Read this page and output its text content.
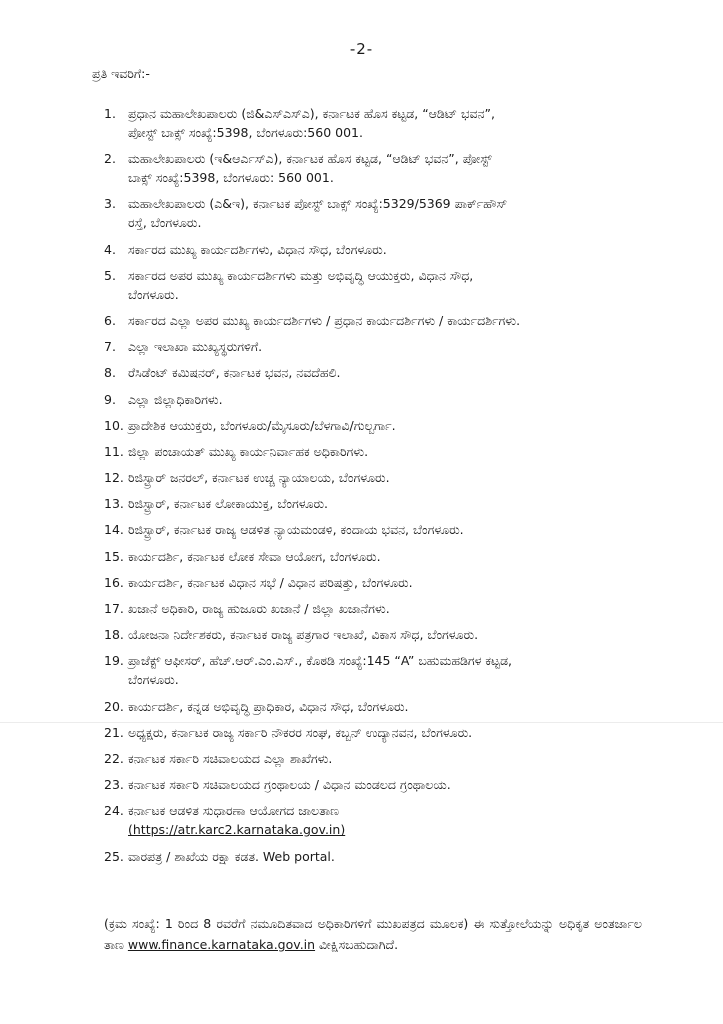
-2-
ಪ್ರತಿ ಇವರಿಗೆ:-
1. ಪ್ರಧಾನ ಮಹಾಲೇಖಪಾಲರು (ಜಿ&ಎಸ್ಎಸ್ಎ), ಕರ್ನಾಟಕ ಹೊಸ ಕಟ್ಟಡ, “ಆಡಿಟ್ ಭವನ”,
ಪೋಸ್ಟ್ ಬಾಕ್ಸ್ ಸಂಖ್ಯೆ:5398, ಬೆಂಗಳೂರು:560 001.
2. ಮಹಾಲೇಖಪಾಲರು (ಇ&ಆರ್ಎಸ್ಎ), ಕರ್ನಾಟಕ ಹೊಸ ಕಟ್ಟಡ, “ಆಡಿಟ್ ಭವನ”, ಪೋಸ್ಟ್
ಬಾಕ್ಸ್ ಸಂಖ್ಯೆ:5398, ಬೆಂಗಳೂರು: 560 001.
3. ಮಹಾಲೇಖಪಾಲರು (ಎ&ಇ), ಕರ್ನಾಟಕ ಪೋಸ್ಟ್ ಬಾಕ್ಸ್ ಸಂಖ್ಯೆ:5329/5369 ಪಾರ್ಕ್‌ಹೌಸ್
ರಸ್ತೆ, ಬೆಂಗಳೂರು.
4. ಸರ್ಕಾರದ ಮುಖ್ಯ ಕಾರ್ಯದರ್ಶಿಗಳು, ವಿಧಾನ ಸೌಧ, ಬೆಂಗಳೂರು.
5. ಸರ್ಕಾರದ ಅಪರ ಮುಖ್ಯ ಕಾರ್ಯದರ್ಶಿಗಳು ಮತ್ತು ಅಭಿವೃದ್ಧಿ ಆಯುಕ್ತರು, ವಿಧಾನ ಸೌಧ,
ಬೆಂಗಳೂರು.
6. ಸರ್ಕಾರದ ಎಲ್ಲಾ ಅಪರ ಮುಖ್ಯ ಕಾರ್ಯದರ್ಶಿಗಳು / ಪ್ರಧಾನ ಕಾರ್ಯದರ್ಶಿಗಳು / ಕಾರ್ಯದರ್ಶಿಗಳು.
7. ಎಲ್ಲಾ ಇಲಾಖಾ ಮುಖ್ಯಸ್ಥರುಗಳಿಗೆ.
8. ರೆಸಿಡೆಂಟ್ ಕಮಿಷನರ್, ಕರ್ನಾಟಕ ಭವನ, ನವದೆಹಲಿ.
9. ಎಲ್ಲಾ ಜಿಲ್ಲಾಧಿಕಾರಿಗಳು.
10. ಪ್ರಾದೇಶಿಕ ಆಯುಕ್ತರು, ಬೆಂಗಳೂರು/ಮೈಸೂರು/ಬೆಳಗಾವಿ/ಗುಲ್ಬರ್ಗಾ.
11. ಜಿಲ್ಲಾ ಪಂಚಾಯತ್ ಮುಖ್ಯ ಕಾರ್ಯನಿರ್ವಾಹಕ ಅಧಿಕಾರಿಗಳು.
12. ರಿಜಿಸ್ಟ್ರಾರ್ ಜನರಲ್, ಕರ್ನಾಟಕ ಉಚ್ಚ ನ್ಯಾಯಾಲಯ, ಬೆಂಗಳೂರು.
13. ರಿಜಿಸ್ಟ್ರಾರ್, ಕರ್ನಾಟಕ ಲೋಕಾಯುಕ್ತ, ಬೆಂಗಳೂರು.
14. ರಿಜಿಸ್ಟ್ರಾರ್, ಕರ್ನಾಟಕ ರಾಜ್ಯ ಆಡಳಿತ ನ್ಯಾಯಮಂಡಳಿ, ಕಂದಾಯ ಭವನ, ಬೆಂಗಳೂರು.
15. ಕಾರ್ಯದರ್ಶಿ, ಕರ್ನಾಟಕ ಲೋಕ ಸೇವಾ ಆಯೋಗ, ಬೆಂಗಳೂರು.
16. ಕಾರ್ಯದರ್ಶಿ, ಕರ್ನಾಟಕ ವಿಧಾನ ಸಭೆ / ವಿಧಾನ ಪರಿಷತ್ತು, ಬೆಂಗಳೂರು.
17. ಖಜಾನೆ ಅಧಿಕಾರಿ, ರಾಜ್ಯ ಹುಜೂರು ಖಜಾನೆ / ಜಿಲ್ಲಾ ಖಜಾನೆಗಳು.
18. ಯೋಜನಾ ನಿರ್ದೇಶಕರು, ಕರ್ನಾಟಕ ರಾಜ್ಯ ಪತ್ರಗಾರ ಇಲಾಖೆ, ವಿಕಾಸ ಸೌಧ, ಬೆಂಗಳೂರು.
19. ಪ್ರಾಜೆಕ್ಟ್ ಆಫೀಸರ್, ಹೆಚ್.ಆರ್.ಎಂ.ಎಸ್., ಕೊಠಡಿ ಸಂಖ್ಯೆ:145 “A” ಬಹುಮಹಡಿಗಳ ಕಟ್ಟಡ,
ಬೆಂಗಳೂರು.
20. ಕಾರ್ಯದರ್ಶಿ, ಕನ್ನಡ ಅಭಿವೃದ್ಧಿ ಪ್ರಾಧಿಕಾರ, ವಿಧಾನ ಸೌಧ, ಬೆಂಗಳೂರು.
21. ಅಧ್ಯಕ್ಷರು, ಕರ್ನಾಟಕ ರಾಜ್ಯ ಸರ್ಕಾರಿ ನೌಕರರ ಸಂಘ, ಕಬ್ಬನ್ ಉದ್ಯಾನವನ, ಬೆಂಗಳೂರು.
22. ಕರ್ನಾಟಕ ಸರ್ಕಾರಿ ಸಚಿವಾಲಯದ ಎಲ್ಲಾ ಶಾಖೆಗಳು.
23. ಕರ್ನಾಟಕ ಸರ್ಕಾರಿ ಸಚಿವಾಲಯದ ಗ್ರಂಥಾಲಯ / ವಿಧಾನ ಮಂಡಲದ ಗ್ರಂಥಾಲಯ.
24. ಕರ್ನಾಟಕ ಆಡಳಿತ ಸುಧಾರಣಾ ಆಯೋಗದ ಜಾಲತಾಣ
(https://atr.karc2.karnataka.gov.in)
25. ವಾರಪತ್ರ / ಶಾಖೆಯ ರಕ್ಷಾ ಕಡತ. Web portal.
(ಕ್ರಮ ಸಂಖ್ಯೆ: 1 ರಿಂದ 8 ರವರೆಗೆ ನಮೂದಿತವಾದ ಅಧಿಕಾರಿಗಳಿಗೆ ಮುಖಪತ್ರದ ಮೂಲಕ) ಈ ಸುತ್ತೋಲೆಯನ್ನು ಅಧಿಕೃತ ಅಂತರ್ಜಾಲ ತಾಣ www.finance.karnataka.gov.in ವೀಕ್ಷಿಸಬಹುದಾಗಿದೆ.
